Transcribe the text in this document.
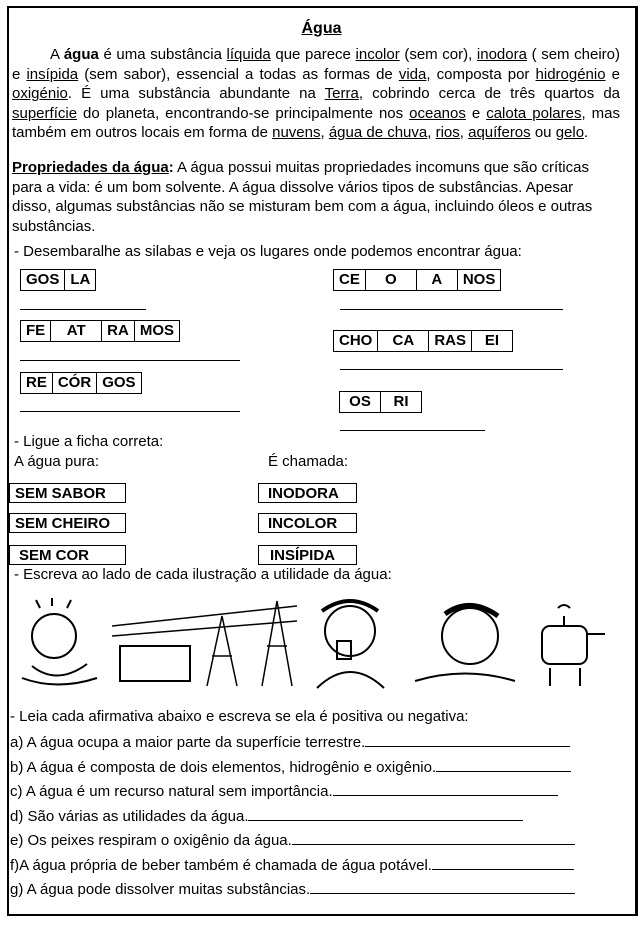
Água
A água é uma substância líquida que parece incolor (sem cor), inodora ( sem cheiro) e insípida (sem sabor), essencial a todas as formas de vida, composta por hidrogénio e oxigénio. É uma substância abundante na Terra, cobrindo cerca de três quartos da superfície do planeta, encontrando-se principalmente nos oceanos e calota polares, mas também em outros locais em forma de nuvens, água de chuva, rios, aquíferos ou gelo.
Propriedades da água: A água possui muitas propriedades incomuns que são críticas para a vida: é um bom solvente. A água dissolve vários tipos de substâncias. Apesar disso, algumas substâncias não se misturam bem com a água, incluindo óleos e outras substâncias.
- Desembaralhe as silabas e veja os lugares onde podemos encontrar água:
GOS LA
FE	AT	RA MOS
RE CÓR GOS
CE	O	A	NOS
CHO	CA	RAS	EI
OS	RI
- Ligue a ficha correta:
A água pura:	É chamada:
SEM SABOR
SEM CHEIRO
SEM COR
INODORA
INCOLOR
INSÍPIDA
- Escreva ao lado de cada ilustração a utilidade da água:
- Leia cada afirmativa abaixo e escreva se ela é positiva ou negativa:
a) A água ocupa a maior parte da superfície terrestre.
b) A água é composta de dois elementos, hidrogênio e oxigênio.
c) A água é um recurso natural sem importância.
d) São várias as utilidades da água.
e) Os peixes respiram o oxigênio da água.
f)A água própria de beber também é chamada de água potável.
g) A água pode dissolver muitas substâncias.
